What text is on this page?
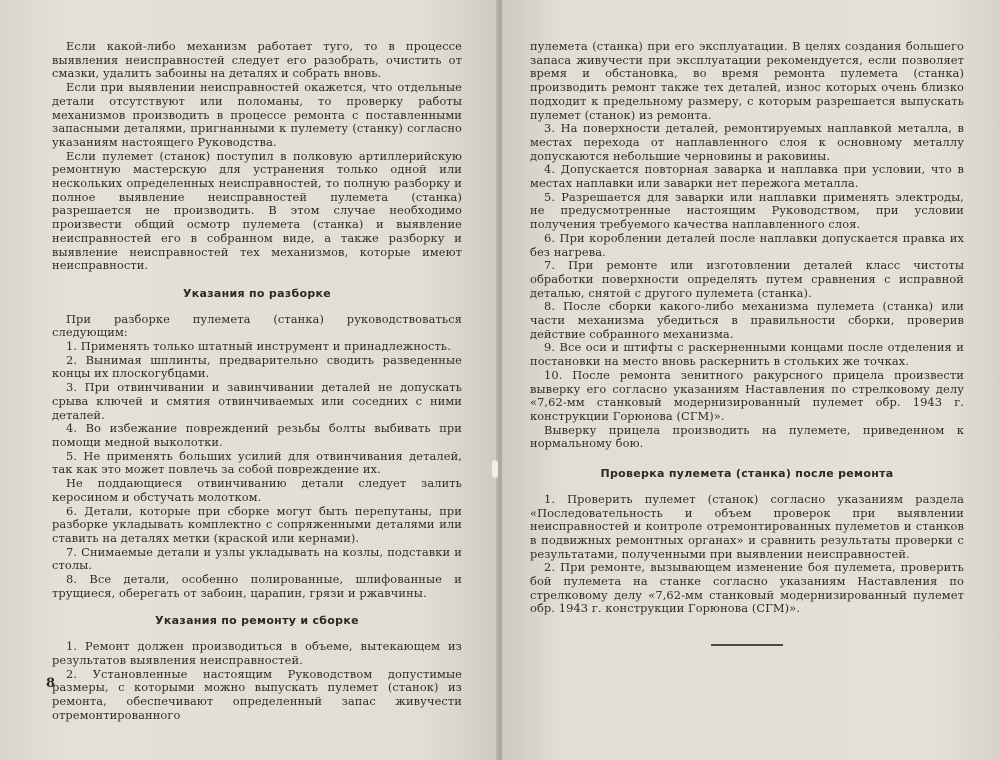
Если какой-либо механизм работает туго, то в процессе выявления неисправностей следует его разобрать, очистить от смазки, удалить забоины на деталях и собрать вновь.

Если при выявлении неисправностей окажется, что отдельные детали отсутствуют или поломаны, то проверку работы механизмов производить в процессе ремонта с поставленными запасными деталями, пригнанными к пулемету (станку) согласно указаниям настоящего Руководства.

Если пулемет (станок) поступил в полковую артиллерийскую ремонтную мастерскую для устранения только одной или нескольких определенных неисправностей, то полную разборку и полное выявление неисправностей пулемета (станка) разрешается не производить. В этом случае необходимо произвести общий осмотр пулемета (станка) и выявление неисправностей его в собранном виде, а также разборку и выявление неисправностей тех механизмов, которые имеют неисправности.

Указания по разборке

При разборке пулемета (станка) руководствоваться следующим:

1. Применять только штатный инструмент и принадлежность.

2. Вынимая шплинты, предварительно сводить разведенные концы их плоскогубцами.

3. При отвинчивании и завинчивании деталей не допускать срыва ключей и смятия отвинчиваемых или соседних с ними деталей.

4. Во избежание повреждений резьбы болты выбивать при помощи медной выколотки.

5. Не применять больших усилий для отвинчивания деталей, так как это может повлечь за собой повреждение их.

Не поддающиеся отвинчиванию детали следует залить керосином и обстучать молотком.

6. Детали, которые при сборке могут быть перепутаны, при разборке укладывать комплектно с сопряженными деталями или ставить на деталях метки (краской или кернами).

7. Снимаемые детали и узлы укладывать на козлы, подставки и столы.

8. Все детали, особенно полированные, шлифованные и трущиеся, оберегать от забоин, царапин, грязи и ржавчины.

Указания по ремонту и сборке

1. Ремонт должен производиться в объеме, вытекающем из результатов выявления неисправностей.

2. Установленные настоящим Руководством допустимые размеры, с которыми можно выпускать пулемет (станок) из ремонта, обеспечивают определенный запас живучести отремонтированного

8

пулемета (станка) при его эксплуатации. В целях создания большего запаса живучести при эксплуатации рекомендуется, если позволяет время и обстановка, во время ремонта пулемета (станка) производить ремонт также тех деталей, износ которых очень близко подходит к предельному размеру, с которым разрешается выпускать пулемет (станок) из ремонта.

3. На поверхности деталей, ремонтируемых наплавкой металла, в местах перехода от наплавленного слоя к основному металлу допускаются небольшие черновины и раковины.

4. Допускается повторная заварка и наплавка при условии, что в местах наплавки или заварки нет пережога металла.

5. Разрешается для заварки или наплавки применять электроды, не предусмотренные настоящим Руководством, при условии получения требуемого качества наплавленного слоя.

6. При короблении деталей после наплавки допускается правка их без нагрева.

7. При ремонте или изготовлении деталей класс чистоты обработки поверхности определять путем сравнения с исправной деталью, снятой с другого пулемета (станка).

8. После сборки какого-либо механизма пулемета (станка) или части механизма убедиться в правильности сборки, проверив действие собранного механизма.

9. Все оси и штифты с раскерненными концами после отделения и постановки на место вновь раскернить в стольких же точках.

10. После ремонта зенитного ракурсного прицела произвести выверку его согласно указаниям Наставления по стрелковому делу «7,62-мм станковый модернизированный пулемет обр. 1943 г. конструкции Горюнова (СГМ)».

Выверку прицела производить на пулемете, приведенном к нормальному бою.

Проверка пулемета (станка) после ремонта

1. Проверить пулемет (станок) согласно указаниям раздела «Последовательность и объем проверок при выявлении неисправностей и контроле отремонтированных пулеметов и станков в подвижных ремонтных органах» и сравнить результаты проверки с результатами, полученными при выявлении неисправностей.

2. При ремонте, вызывающем изменение боя пулемета, проверить бой пулемета на станке согласно указаниям Наставления по стрелковому делу «7,62-мм станковый модернизированный пулемет обр. 1943 г. конструкции Горюнова (СГМ)».
